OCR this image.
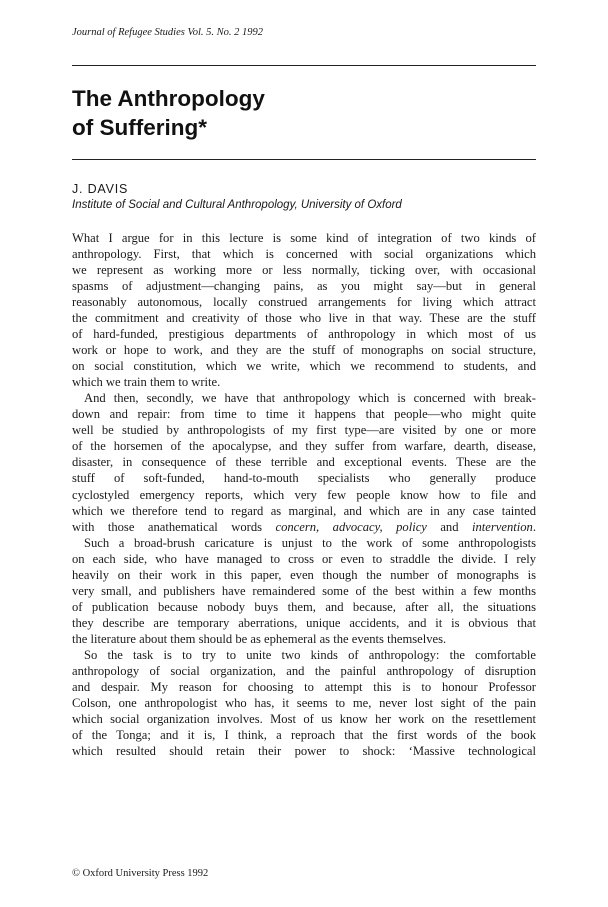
Journal of Refugee Studies Vol. 5. No. 2 1992
The Anthropology
of Suffering*
J. DAVIS
Institute of Social and Cultural Anthropology, University of Oxford
What I argue for in this lecture is some kind of integration of two kinds of
anthropology. First, that which is concerned with social organizations which
we represent as working more or less normally, ticking over, with occasional
spasms of adjustment—changing pains, as you might say—but in general
reasonably autonomous, locally construed arrangements for living which attract
the commitment and creativity of those who live in that way. These are the stuff
of hard-funded, prestigious departments of anthropology in which most of us
work or hope to work, and they are the stuff of monographs on social structure,
on social constitution, which we write, which we recommend to students, and
which we train them to write.
And then, secondly, we have that anthropology which is concerned with break-
down and repair: from time to time it happens that people—who might quite
well be studied by anthropologists of my first type—are visited by one or more
of the horsemen of the apocalypse, and they suffer from warfare, dearth, disease,
disaster, in consequence of these terrible and exceptional events. These are the
stuff of soft-funded, hand-to-mouth specialists who generally produce
cyclostyled emergency reports, which very few people know how to file and
which we therefore tend to regard as marginal, and which are in any case tainted
with those anathematical words concern, advocacy, policy and intervention.
Such a broad-brush caricature is unjust to the work of some anthropologists
on each side, who have managed to cross or even to straddle the divide. I rely
heavily on their work in this paper, even though the number of monographs is
very small, and publishers have remaindered some of the best within a few months
of publication because nobody buys them, and because, after all, the situations
they describe are temporary aberrations, unique accidents, and it is obvious that
the literature about them should be as ephemeral as the events themselves.
So the task is to try to unite two kinds of anthropology: the comfortable
anthropology of social organization, and the painful anthropology of disruption
and despair. My reason for choosing to attempt this is to honour Professor
Colson, one anthropologist who has, it seems to me, never lost sight of the pain
which social organization involves. Most of us know her work on the resettlement
of the Tonga; and it is, I think, a reproach that the first words of the book
which resulted should retain their power to shock: ‘Massive technological
© Oxford University Press 1992
